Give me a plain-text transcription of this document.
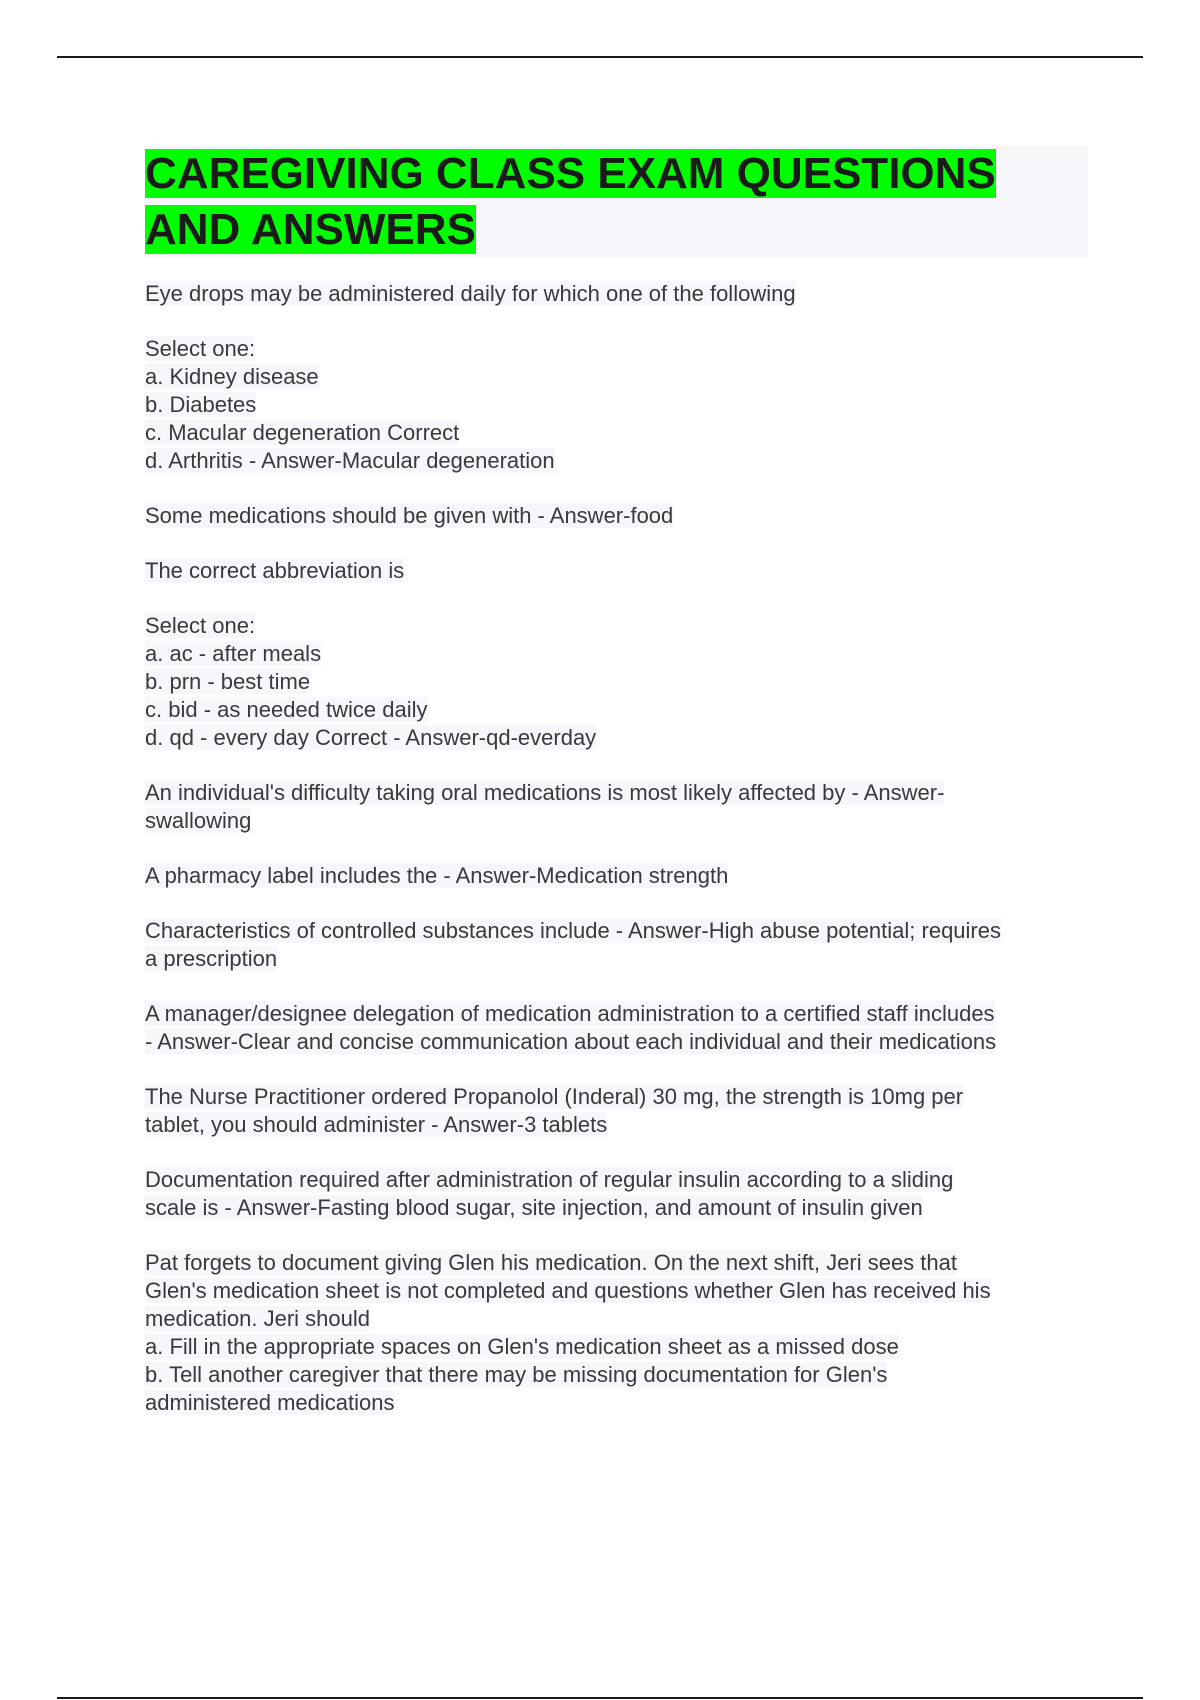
CAREGIVING CLASS EXAM QUESTIONS
AND ANSWERS
Eye drops may be administered daily for which one of the following
Select one:
a. Kidney disease
b. Diabetes
c. Macular degeneration Correct
d. Arthritis - Answer-Macular degeneration
Some medications should be given with - Answer-food
The correct abbreviation is
Select one:
a. ac - after meals
b. prn - best time
c. bid - as needed twice daily
d. qd - every day Correct - Answer-qd-everday
An individual's difficulty taking oral medications is most likely affected by - Answer-
swallowing
A pharmacy label includes the - Answer-Medication strength
Characteristics of controlled substances include - Answer-High abuse potential; requires
a prescription
A manager/designee delegation of medication administration to a certified staff includes
- Answer-Clear and concise communication about each individual and their medications
The Nurse Practitioner ordered Propanolol (Inderal) 30 mg, the strength is 10mg per
tablet, you should administer - Answer-3 tablets
Documentation required after administration of regular insulin according to a sliding
scale is - Answer-Fasting blood sugar, site injection, and amount of insulin given
Pat forgets to document giving Glen his medication. On the next shift, Jeri sees that
Glen's medication sheet is not completed and questions whether Glen has received his
medication. Jeri should
a. Fill in the appropriate spaces on Glen's medication sheet as a missed dose
b. Tell another caregiver that there may be missing documentation for Glen's
administered medications
